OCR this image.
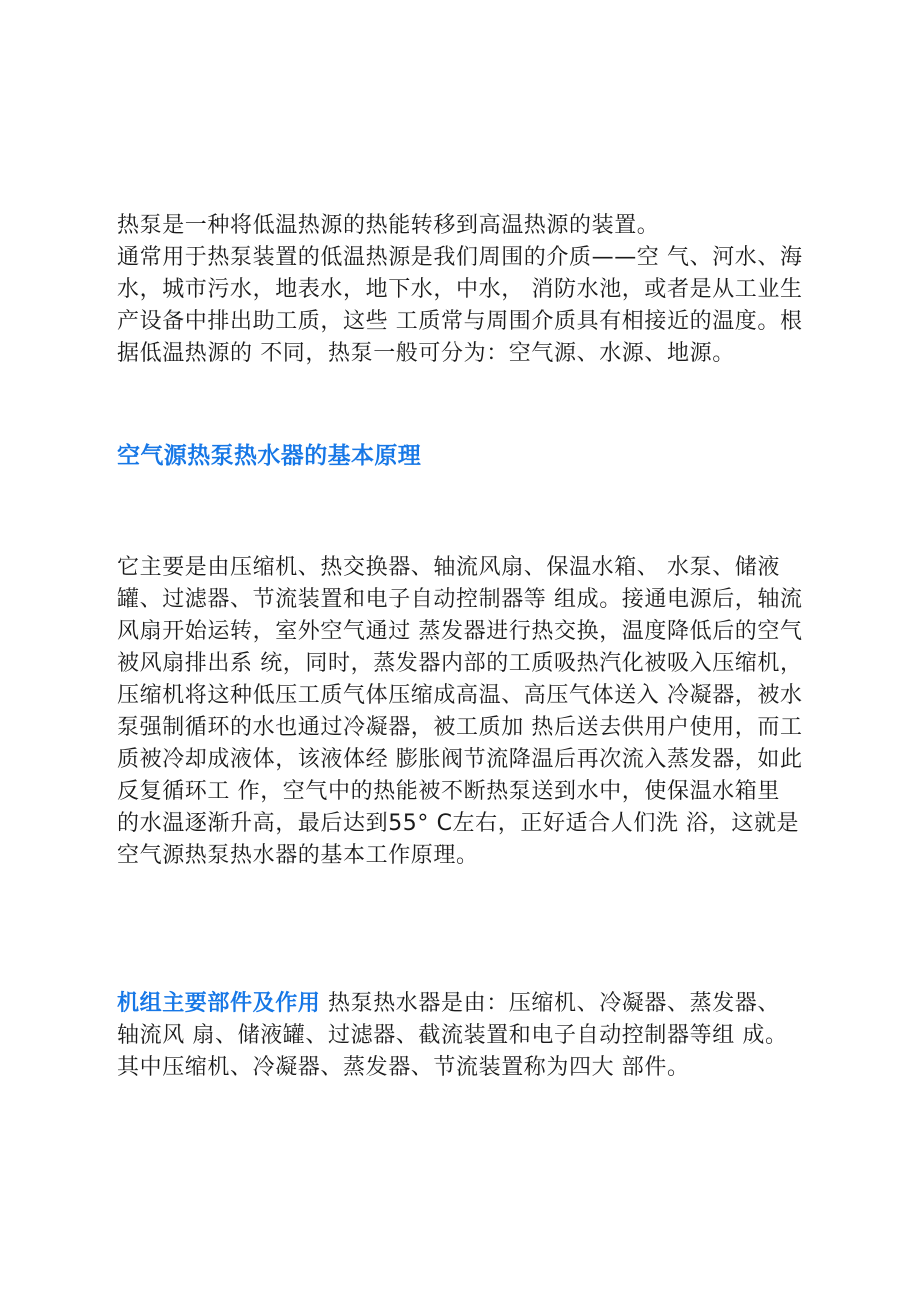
热泵是一种将低温热源的热能转移到高温热源的装置。
通常用于热泵装置的低温热源是我们周围的介质——空 气、河水、海
水，城市污水，地表水，地下水，中水， 消防水池，或者是从工业生
产设备中排出助工质，这些 工质常与周围介质具有相接近的温度。根
据低温热源的 不同，热泵一般可分为：空气源、水源、地源。
空气源热泵热水器的基本原理
它主要是由压缩机、热交换器、轴流风扇、保温水箱、 水泵、储液
罐、过滤器、节流装置和电子自动控制器等 组成。接通电源后，轴流
风扇开始运转，室外空气通过 蒸发器进行热交换，温度降低后的空气
被风扇排出系 统，同时，蒸发器内部的工质吸热汽化被吸入压缩机，
压缩机将这种低压工质气体压缩成高温、高压气体送入 冷凝器，被水
泵强制循环的水也通过冷凝器，被工质加 热后送去供用户使用，而工
质被冷却成液体，该液体经 膨胀阀节流降温后再次流入蒸发器，如此
反复循环工 作，空气中的热能被不断热泵送到水中，使保温水箱里
的水温逐渐升高，最后达到55° C左右，正好适合人们洗 浴，这就是
空气源热泵热水器的基本工作原理。
机组主要部件及作用 热泵热水器是由：压缩机、冷凝器、蒸发器、
轴流风 扇、储液罐、过滤器、截流装置和电子自动控制器等组 成。
其中压缩机、冷凝器、蒸发器、节流装置称为四大 部件。
